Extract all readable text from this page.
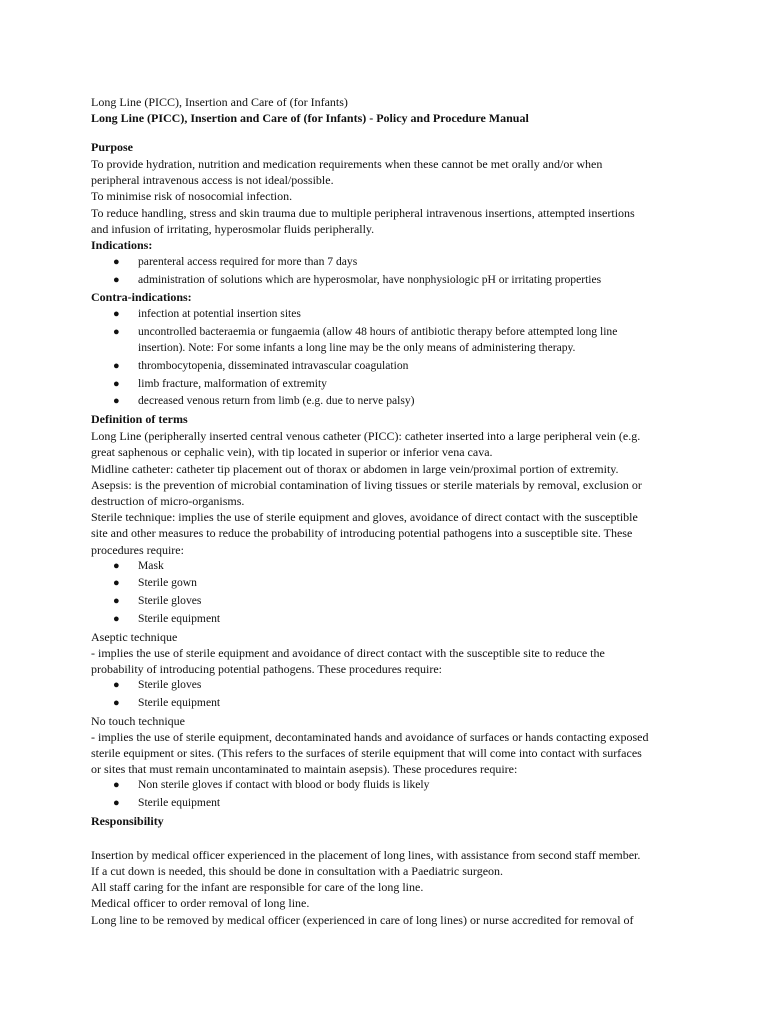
Long Line (PICC), Insertion and Care of (for Infants)

Long Line (PICC), Insertion and Care of (for Infants) - Policy and Procedure Manual

Purpose

To provide hydration, nutrition and medication requirements when these cannot be met orally and/or when

peripheral intravenous access is not ideal/possible.

To minimise risk of nosocomial infection.

To reduce handling, stress and skin trauma due to multiple peripheral intravenous insertions, attempted insertions

and infusion of irritating, hyperosmolar fluids peripherally.

Indications:

● parenteral access required for more than 7 days
● administration of solutions which are hyperosmolar, have nonphysiologic pH or irritating properties

Contra-indications:

● infection at potential insertion sites
● uncontrolled bacteraemia or fungaemia (allow 48 hours of antibiotic therapy before attempted long line
insertion). Note: For some infants a long line may be the only means of administering therapy.
● thrombocytopenia, disseminated intravascular coagulation
● limb fracture, malformation of extremity
● decreased venous return from limb (e.g. due to nerve palsy)

Definition of terms

Long Line (peripherally inserted central venous catheter (PICC): catheter inserted into a large peripheral vein (e.g.

great saphenous or cephalic vein), with tip located in superior or inferior vena cava.

Midline catheter: catheter tip placement out of thorax or abdomen in large vein/proximal portion of extremity.

Asepsis: is the prevention of microbial contamination of living tissues or sterile materials by removal, exclusion or

destruction of micro-organisms.

Sterile technique: implies the use of sterile equipment and gloves, avoidance of direct contact with the susceptible

site and other measures to reduce the probability of introducing potential pathogens into a susceptible site. These

procedures require:

● Mask
● Sterile gown
● Sterile gloves
● Sterile equipment

Aseptic technique

- implies the use of sterile equipment and avoidance of direct contact with the susceptible site to reduce the

probability of introducing potential pathogens. These procedures require:

● Sterile gloves
● Sterile equipment

No touch technique

- implies the use of sterile equipment, decontaminated hands and avoidance of surfaces or hands contacting exposed

sterile equipment or sites. (This refers to the surfaces of sterile equipment that will come into contact with surfaces

or sites that must remain uncontaminated to maintain asepsis). These procedures require:

● Non sterile gloves if contact with blood or body fluids is likely
● Sterile equipment

Responsibility

Insertion by medical officer experienced in the placement of long lines, with assistance from second staff member.

If a cut down is needed, this should be done in consultation with a Paediatric surgeon.

All staff caring for the infant are responsible for care of the long line.

Medical officer to order removal of long line.

Long line to be removed by medical officer (experienced in care of long lines) or nurse accredited for removal of
